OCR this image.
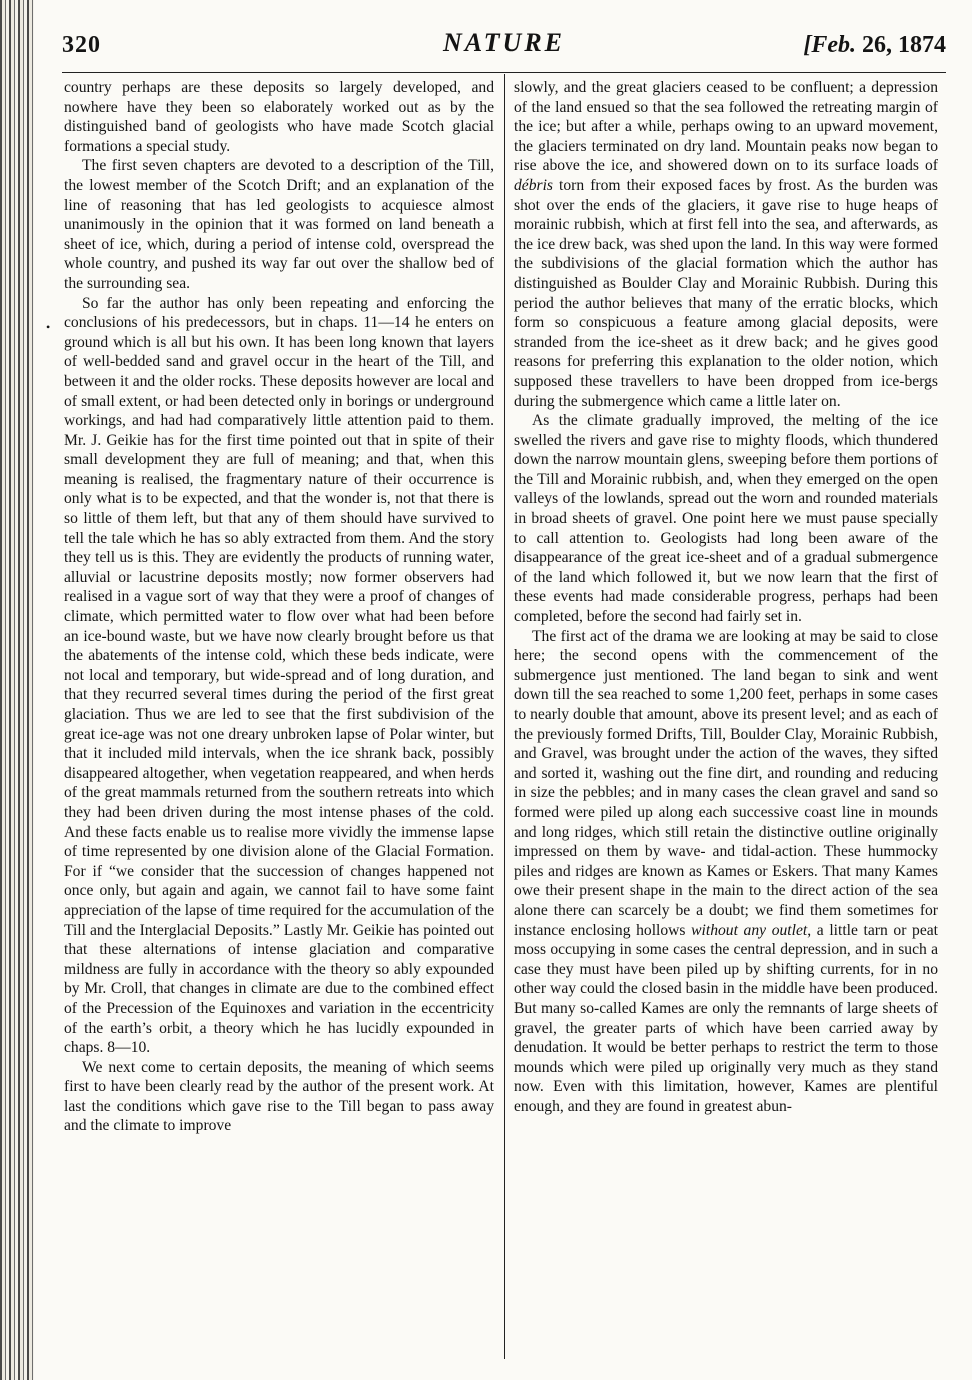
320	NATURE	[Feb. 26, 1874
•

country perhaps are these deposits so largely developed, and nowhere have they been so elaborately worked out as by the distinguished band of geologists who have made Scotch glacial formations a special study.

The first seven chapters are devoted to a description of the Till, the lowest member of the Scotch Drift; and an explanation of the line of reasoning that has led geologists to acquiesce almost unanimously in the opinion that it was formed on land beneath a sheet of ice, which, during a period of intense cold, overspread the whole country, and pushed its way far out over the shallow bed of the surrounding sea.

So far the author has only been repeating and enforcing the conclusions of his predecessors, but in chaps. 11—14 he enters on ground which is all but his own. It has been long known that layers of well-bedded sand and gravel occur in the heart of the Till, and between it and the older rocks. These deposits however are local and of small extent, or had been detected only in borings or underground workings, and had had comparatively little attention paid to them. Mr. J. Geikie has for the first time pointed out that in spite of their small development they are full of meaning; and that, when this meaning is realised, the fragmentary nature of their occurrence is only what is to be expected, and that the wonder is, not that there is so little of them left, but that any of them should have survived to tell the tale which he has so ably extracted from them. And the story they tell us is this. They are evidently the products of running water, alluvial or lacustrine deposits mostly; now former observers had realised in a vague sort of way that they were a proof of changes of climate, which permitted water to flow over what had been before an ice-bound waste, but we have now clearly brought before us that the abatements of the intense cold, which these beds indicate, were not local and temporary, but wide-spread and of long duration, and that they recurred several times during the period of the first great glaciation. Thus we are led to see that the first subdivision of the great ice-age was not one dreary unbroken lapse of Polar winter, but that it included mild intervals, when the ice shrank back, possibly disappeared altogether, when vegetation reappeared, and when herds of the great mammals returned from the southern retreats into which they had been driven during the most intense phases of the cold. And these facts enable us to realise more vividly the immense lapse of time represented by one division alone of the Glacial Formation. For if “we consider that the succession of changes happened not once only, but again and again, we cannot fail to have some faint appreciation of the lapse of time required for the accumulation of the Till and the Interglacial Deposits.” Lastly Mr. Geikie has pointed out that these alternations of intense glaciation and comparative mildness are fully in accordance with the theory so ably expounded by Mr. Croll, that changes in climate are due to the combined effect of the Precession of the Equinoxes and variation in the eccentricity of the earth’s orbit, a theory which he has lucidly expounded in chaps. 8—10.

We next come to certain deposits, the meaning of which seems first to have been clearly read by the author of the present work. At last the conditions which gave rise to the Till began to pass away and the climate to improve

slowly, and the great glaciers ceased to be confluent; a depression of the land ensued so that the sea followed the retreating margin of the ice; but after a while, perhaps owing to an upward movement, the glaciers terminated on dry land. Mountain peaks now began to rise above the ice, and showered down on to its surface loads of débris torn from their exposed faces by frost. As the burden was shot over the ends of the glaciers, it gave rise to huge heaps of morainic rubbish, which at first fell into the sea, and afterwards, as the ice drew back, was shed upon the land. In this way were formed the subdivisions of the glacial formation which the author has distinguished as Boulder Clay and Morainic Rubbish. During this period the author believes that many of the erratic blocks, which form so conspicuous a feature among glacial deposits, were stranded from the ice-sheet as it drew back; and he gives good reasons for preferring this explanation to the older notion, which supposed these travellers to have been dropped from ice-bergs during the submergence which came a little later on.

As the climate gradually improved, the melting of the ice swelled the rivers and gave rise to mighty floods, which thundered down the narrow mountain glens, sweeping before them portions of the Till and Morainic rubbish, and, when they emerged on the open valleys of the lowlands, spread out the worn and rounded materials in broad sheets of gravel. One point here we must pause specially to call attention to. Geologists had long been aware of the disappearance of the great ice-sheet and of a gradual submergence of the land which followed it, but we now learn that the first of these events had made considerable progress, perhaps had been completed, before the second had fairly set in.

The first act of the drama we are looking at may be said to close here; the second opens with the commencement of the submergence just mentioned. The land began to sink and went down till the sea reached to some 1,200 feet, perhaps in some cases to nearly double that amount, above its present level; and as each of the previously formed Drifts, Till, Boulder Clay, Morainic Rubbish, and Gravel, was brought under the action of the waves, they sifted and sorted it, washing out the fine dirt, and rounding and reducing in size the pebbles; and in many cases the clean gravel and sand so formed were piled up along each successive coast line in mounds and long ridges, which still retain the distinctive outline originally impressed on them by wave- and tidal-action. These hummocky piles and ridges are known as Kames or Eskers. That many Kames owe their present shape in the main to the direct action of the sea alone there can scarcely be a doubt; we find them sometimes for instance enclosing hollows without any outlet, a little tarn or peat moss occupying in some cases the central depression, and in such a case they must have been piled up by shifting currents, for in no other way could the closed basin in the middle have been produced. But many so-called Kames are only the remnants of large sheets of gravel, the greater parts of which have been carried away by denudation. It would be better perhaps to restrict the term to those mounds which were piled up originally very much as they stand now. Even with this limitation, however, Kames are plentiful enough, and they are found in greatest abun-
